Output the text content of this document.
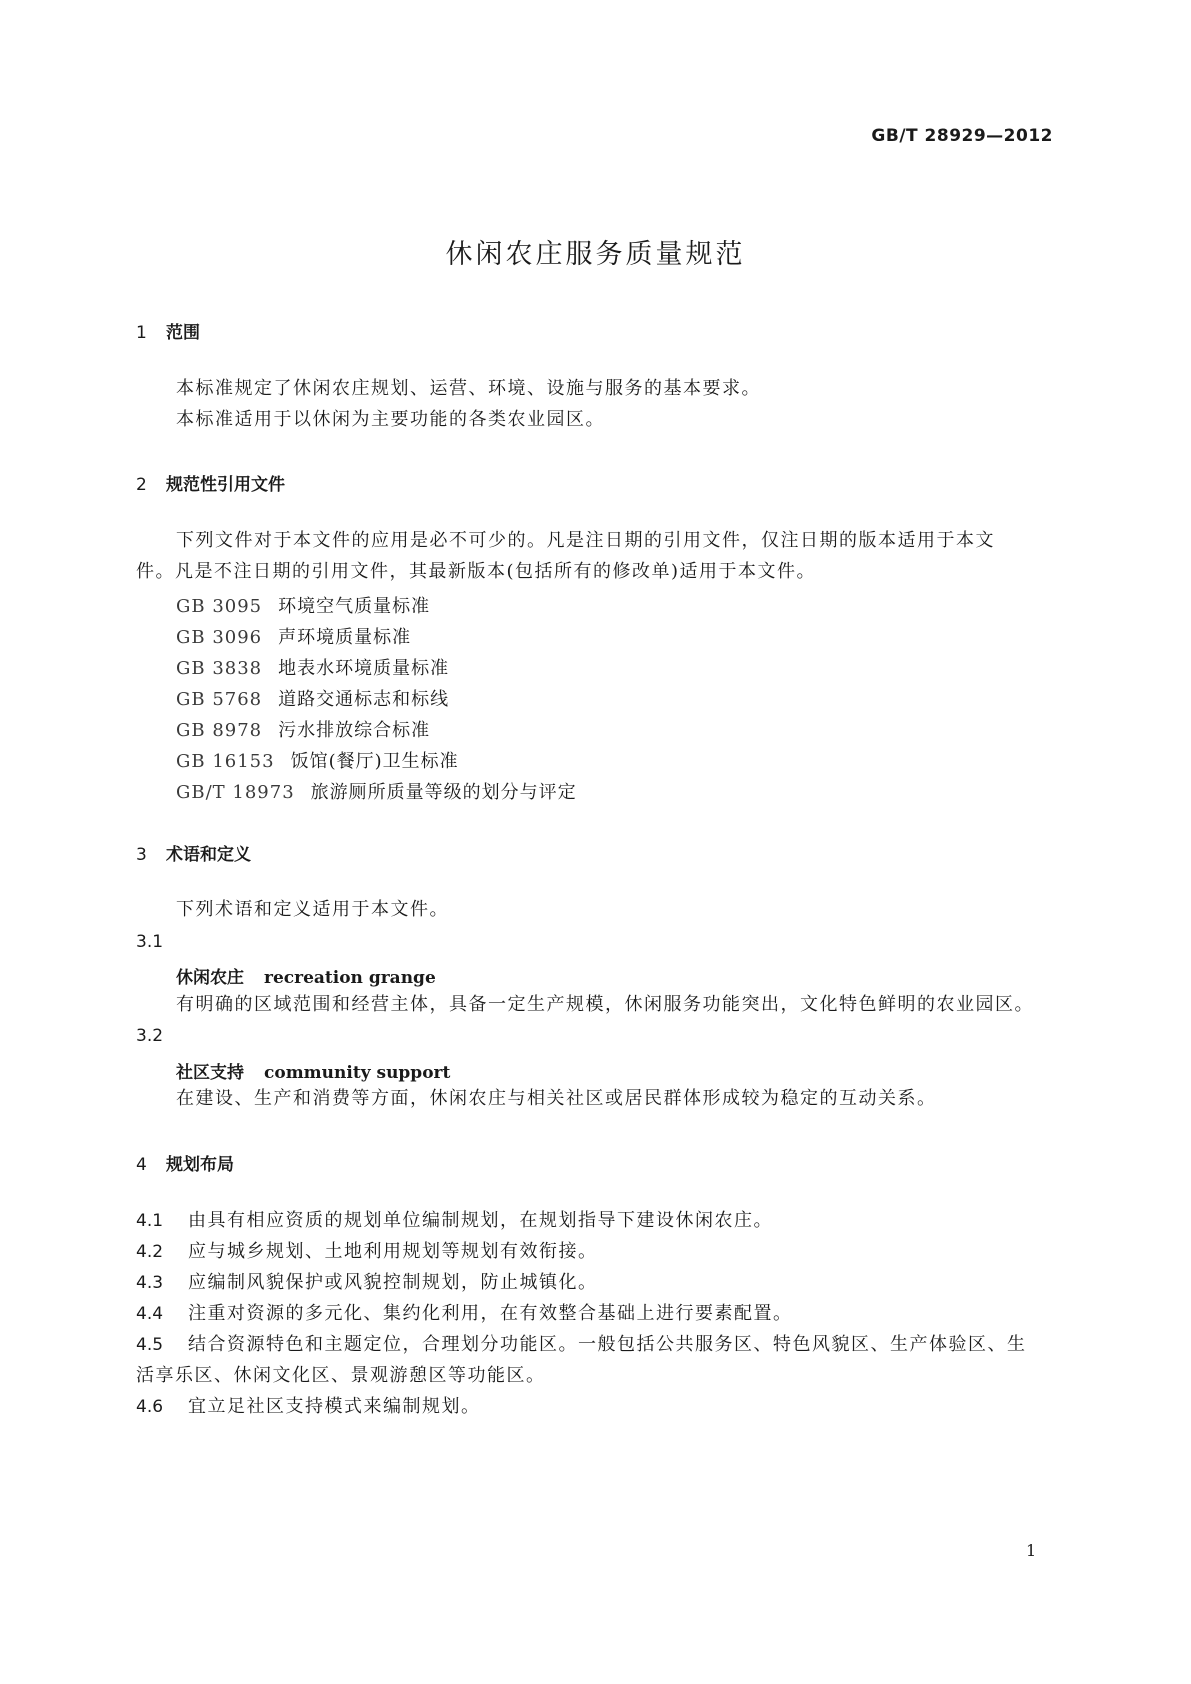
GB/T 28929—2012
休闲农庄服务质量规范
1 范围
本标准规定了休闲农庄规划、运营、环境、设施与服务的基本要求。
本标准适用于以休闲为主要功能的各类农业园区。
2 规范性引用文件
下列文件对于本文件的应用是必不可少的。凡是注日期的引用文件，仅注日期的版本适用于本文
件。凡是不注日期的引用文件，其最新版本(包括所有的修改单)适用于本文件。
GB 3095 环境空气质量标准
GB 3096 声环境质量标准
GB 3838 地表水环境质量标准
GB 5768 道路交通标志和标线
GB 8978 污水排放综合标准
GB 16153 饭馆(餐厅)卫生标准
GB/T 18973 旅游厕所质量等级的划分与评定
3 术语和定义
下列术语和定义适用于本文件。
3.1
休闲农庄 recreation grange
有明确的区域范围和经营主体，具备一定生产规模，休闲服务功能突出，文化特色鲜明的农业园区。
3.2
社区支持 community support
在建设、生产和消费等方面，休闲农庄与相关社区或居民群体形成较为稳定的互动关系。
4 规划布局
4.1 由具有相应资质的规划单位编制规划，在规划指导下建设休闲农庄。
4.2 应与城乡规划、土地利用规划等规划有效衔接。
4.3 应编制风貌保护或风貌控制规划，防止城镇化。
4.4 注重对资源的多元化、集约化利用，在有效整合基础上进行要素配置。
4.5 结合资源特色和主题定位，合理划分功能区。一般包括公共服务区、特色风貌区、生产体验区、生
活享乐区、休闲文化区、景观游憩区等功能区。
4.6 宜立足社区支持模式来编制规划。
1
